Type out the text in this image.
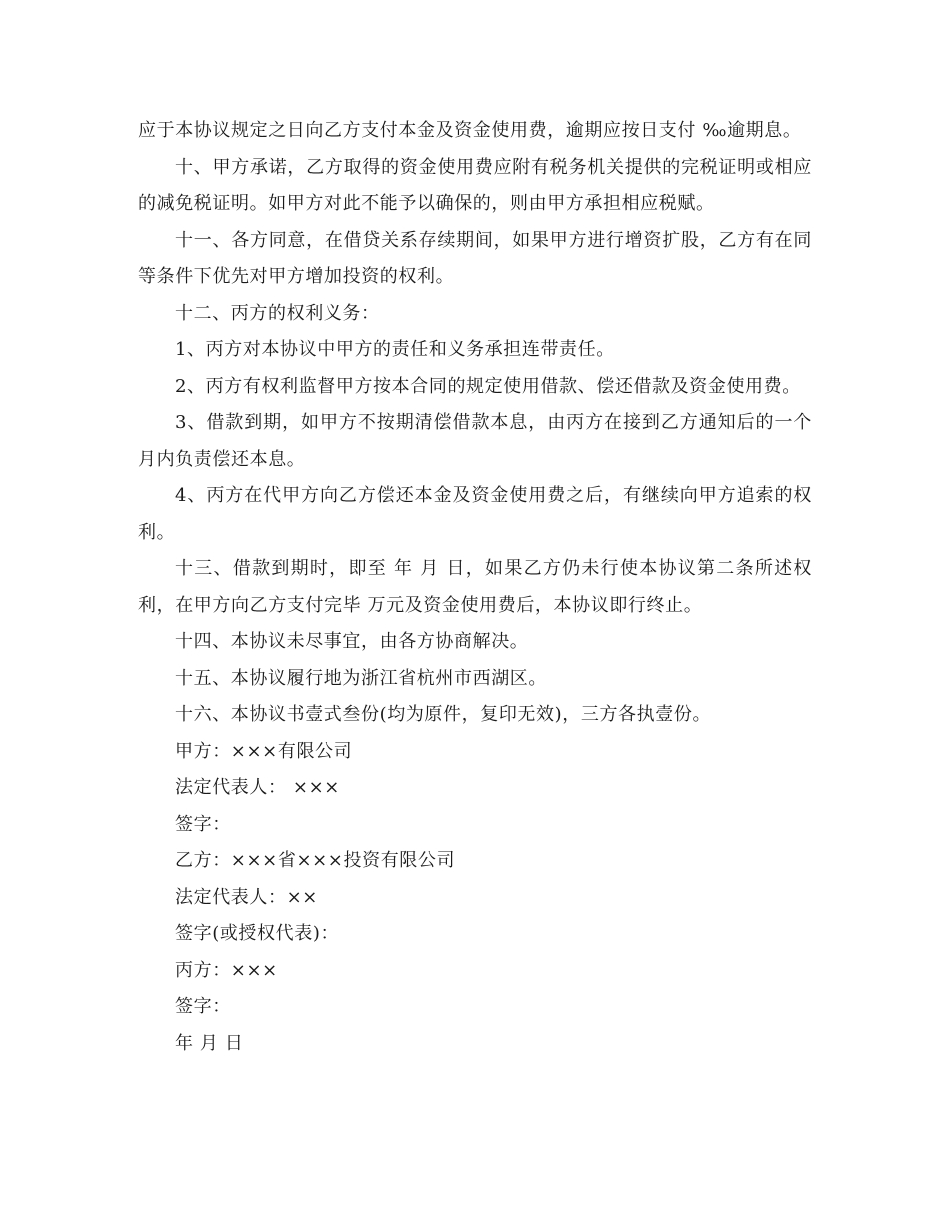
应于本协议规定之日向乙方支付本金及资金使用费，逾期应按日支付 ‰逾期息。

十、甲方承诺，乙方取得的资金使用费应附有税务机关提供的完税证明或相应的减免税证明。如甲方对此不能予以确保的，则由甲方承担相应税赋。

十一、各方同意，在借贷关系存续期间，如果甲方进行增资扩股，乙方有在同等条件下优先对甲方增加投资的权利。

十二、丙方的权利义务：

1、丙方对本协议中甲方的责任和义务承担连带责任。

2、丙方有权利监督甲方按本合同的规定使用借款、偿还借款及资金使用费。

3、借款到期，如甲方不按期清偿借款本息，由丙方在接到乙方通知后的一个月内负责偿还本息。

4、丙方在代甲方向乙方偿还本金及资金使用费之后，有继续向甲方追索的权利。

十三、借款到期时，即至 年 月 日，如果乙方仍未行使本协议第二条所述权利，在甲方向乙方支付完毕 万元及资金使用费后，本协议即行终止。

十四、本协议未尽事宜，由各方协商解决。

十五、本协议履行地为浙江省杭州市西湖区。

十六、本协议书壹式叁份(均为原件，复印无效)，三方各执壹份。

甲方：×××有限公司

法定代表人： ×××

签字：

乙方：×××省×××投资有限公司

法定代表人：××

签字(或授权代表)：

丙方：×××

签字：

年 月 日
